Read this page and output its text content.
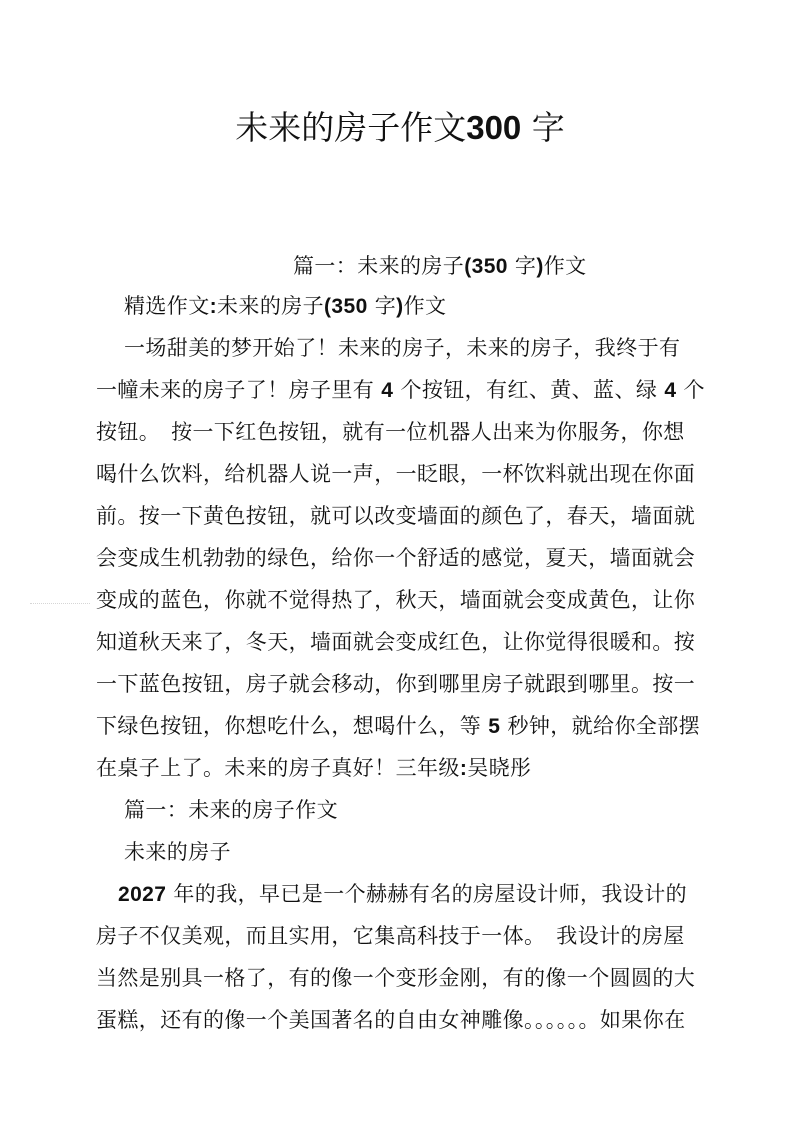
未来的房子作文300 字
篇一：未来的房子(350 字)作文
精选作文:未来的房子(350 字)作文
一场甜美的梦开始了！未来的房子，未来的房子，我终于有
一幢未来的房子了！房子里有 4 个按钮，有红、黄、蓝、绿 4 个
按钮。　按一下红色按钮，就有一位机器人出来为你服务，你想
喝什么饮料，给机器人说一声，一眨眼，一杯饮料就出现在你面
前。按一下黄色按钮，就可以改变墙面的颜色了，春天，墙面就
会变成生机勃勃的绿色，给你一个舒适的感觉，夏天，墙面就会
变成的蓝色，你就不觉得热了，秋天，墙面就会变成黄色，让你
知道秋天来了，冬天，墙面就会变成红色，让你觉得很暖和。按
一下蓝色按钮，房子就会移动，你到哪里房子就跟到哪里。按一
下绿色按钮，你想吃什么，想喝什么，等 5 秒钟，就给你全部摆
在桌子上了。未来的房子真好！三年级:吴晓彤
篇一：未来的房子作文
未来的房子
2027 年的我，早已是一个赫赫有名的房屋设计师，我设计的
房子不仅美观，而且实用，它集高科技于一体。　我设计的房屋
当然是别具一格了，有的像一个变形金刚，有的像一个圆圆的大
蛋糕，还有的像一个美国著名的自由女神雕像。。。。。。如果你在
